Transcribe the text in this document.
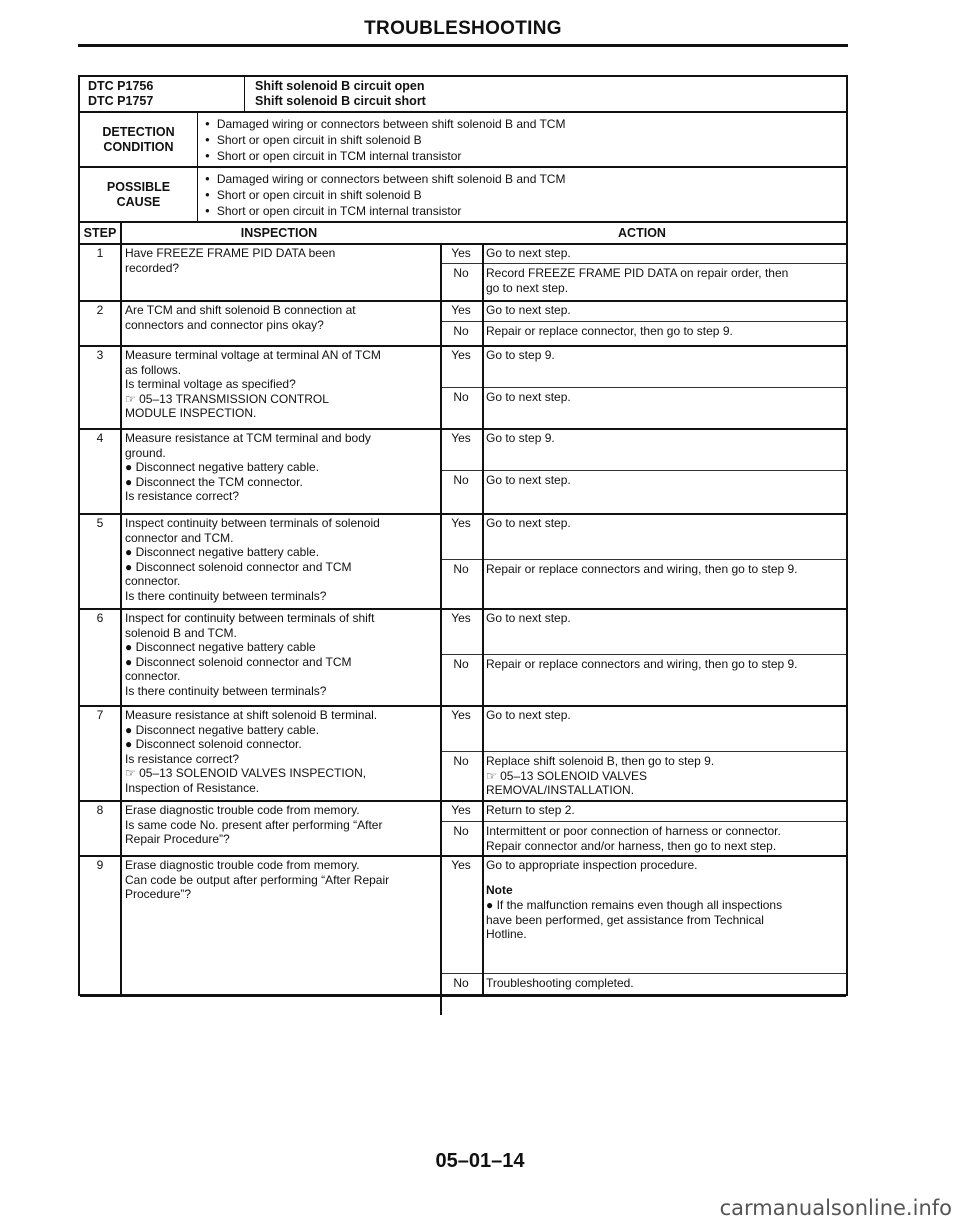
TROUBLESHOOTING
DTC P1756
DTC P1757
Shift solenoid B circuit open
Shift solenoid B circuit short
DETECTION
CONDITION
● Damaged wiring or connectors between shift solenoid B and TCM
● Short or open circuit in shift solenoid B
● Short or open circuit in TCM internal transistor
POSSIBLE
CAUSE
● Damaged wiring or connectors between shift solenoid B and TCM
● Short or open circuit in shift solenoid B
● Short or open circuit in TCM internal transistor
STEP	INSPECTION	ACTION
1	Have FREEZE FRAME PID DATA been
recorded?
Yes	Go to next step.
No	Record FREEZE FRAME PID DATA on repair order, then
go to next step.
2	Are TCM and shift solenoid B connection at
connectors and connector pins okay?
Yes	Go to next step.
No	Repair or replace connector, then go to step 9.
3	Measure terminal voltage at terminal AN of TCM
as follows.
Is terminal voltage as specified?
☞ 05–13 TRANSMISSION CONTROL
MODULE INSPECTION.
Yes	Go to step 9.
No	Go to next step.
4	Measure resistance at TCM terminal and body
ground.
● Disconnect negative battery cable.
● Disconnect the TCM connector.
Is resistance correct?
Yes	Go to step 9.
No	Go to next step.
5	Inspect continuity between terminals of solenoid
connector and TCM.
● Disconnect negative battery cable.
● Disconnect solenoid connector and TCM
connector.
Is there continuity between terminals?
Yes	Go to next step.
No	Repair or replace connectors and wiring, then go to step 9.
6	Inspect for continuity between terminals of shift
solenoid B and TCM.
● Disconnect negative battery cable
● Disconnect solenoid connector and TCM
connector.
Is there continuity between terminals?
Yes	Go to next step.
No	Repair or replace connectors and wiring, then go to step 9.
7	Measure resistance at shift solenoid B terminal.
● Disconnect negative battery cable.
● Disconnect solenoid connector.
Is resistance correct?
☞ 05–13 SOLENOID VALVES INSPECTION,
Inspection of Resistance.
Yes	Go to next step.
No	Replace shift solenoid B, then go to step 9.
☞ 05–13 SOLENOID VALVES
REMOVAL/INSTALLATION.
8	Erase diagnostic trouble code from memory.
Is same code No. present after performing “After
Repair Procedure”?
Yes	Return to step 2.
No	Intermittent or poor connection of harness or connector.
Repair connector and/or harness, then go to next step.
9	Erase diagnostic trouble code from memory.
Can code be output after performing “After Repair
Procedure”?
Yes	Go to appropriate inspection procedure.
Note
● If the malfunction remains even though all inspections
have been performed, get assistance from Technical
Hotline.
No	Troubleshooting completed.
05–01–14
carmanualsonline.info
